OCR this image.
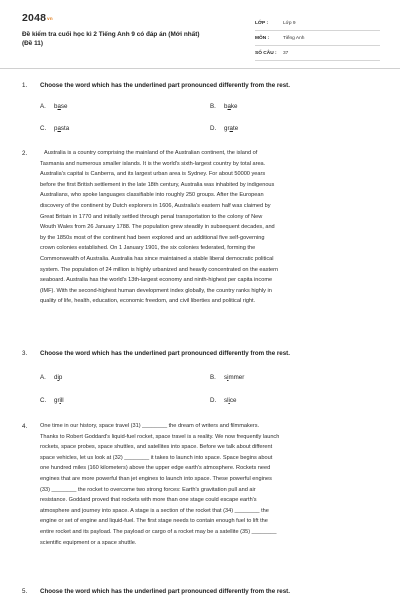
2048vn
Đề kiểm tra cuối học kì 2 Tiếng Anh 9 có đáp án (Mới nhất)
(Đề 11)
LỚP :	Lớp 9
MÔN :	Tiếng Anh
SỐ CÂU :	37
1. Choose the word which has the underlined part pronounced differently from the rest.
A. base	B. bake
C. pasta	D. grate
2.	Australia is a country comprising the mainland of the Australian continent, the island of
Tasmania and numerous smaller islands. It is the world's sixth-largest country by total area.
Australia's capital is Canberra, and its largest urban area is Sydney. For about 50000 years
before the first British settlement in the late 18th century, Australia was inhabited by indigenous
Australians, who spoke languages classifiable into roughly 250 groups. After the European
discovery of the continent by Dutch explorers in 1606, Australia's eastern half was claimed by
Great Britain in 1770 and initially settled through penal transportation to the colony of New
Wouth Wales from 26 January 1788. The population grew steadily in subsequent decades, and
by the 1850s most of the continent had been explored and an additional five self-governing
crown colonies established. On 1 January 1901, the six colonies federated, forming the
Commonwealth of Australia. Australia has since maintained a stable liberal democratic political
system. The population of 24 million is highly urbanized and heavily concentrated on the eastern
seaboard. Australia has the world's 13th-largest economy and ninth-highest per capita income
(IMF). With the second-highest human development index globally, the country ranks highly in
quality of life, health, education, economic freedom, and civil liberties and political right.
3. Choose the word which has the underlined part pronounced differently from the rest.
A. dip	B. simmer
C. grill	D. slice
4. One time in our history, space travel (31) ________ the dream of writers and filmmakers.
Thanks to Robert Goddard's liquid-fuel rocket, space travel is a reality. We now frequently launch
rockets, space probes, space shuttles, and satellites into space. Before we talk about different
space vehicles, let us look at (32) ________ it takes to launch into space. Space begins about
one hundred miles (160 kilometers) above the upper edge earth's atmosphere. Rockets need
engines that are more powerful than jet engines to launch into space. These powerful engines
(33) ________ the rocket to overcome two strong forces: Earth's gravitation pull and air
resistance. Goddard proved that rockets with more than one stage could escape earth's
atmosphere and journey into space. A stage is a section of the rocket that (34) ________ the
engine or set of engine and liquid-fuel. The first stage needs to contain enough fuel to lift the
entire rocket and its payload. The payload or cargo of a rocket may be a satellite (35) ________
scientific equipment or a space shuttle.
5. Choose the word which has the underlined part pronounced differently from the rest.
